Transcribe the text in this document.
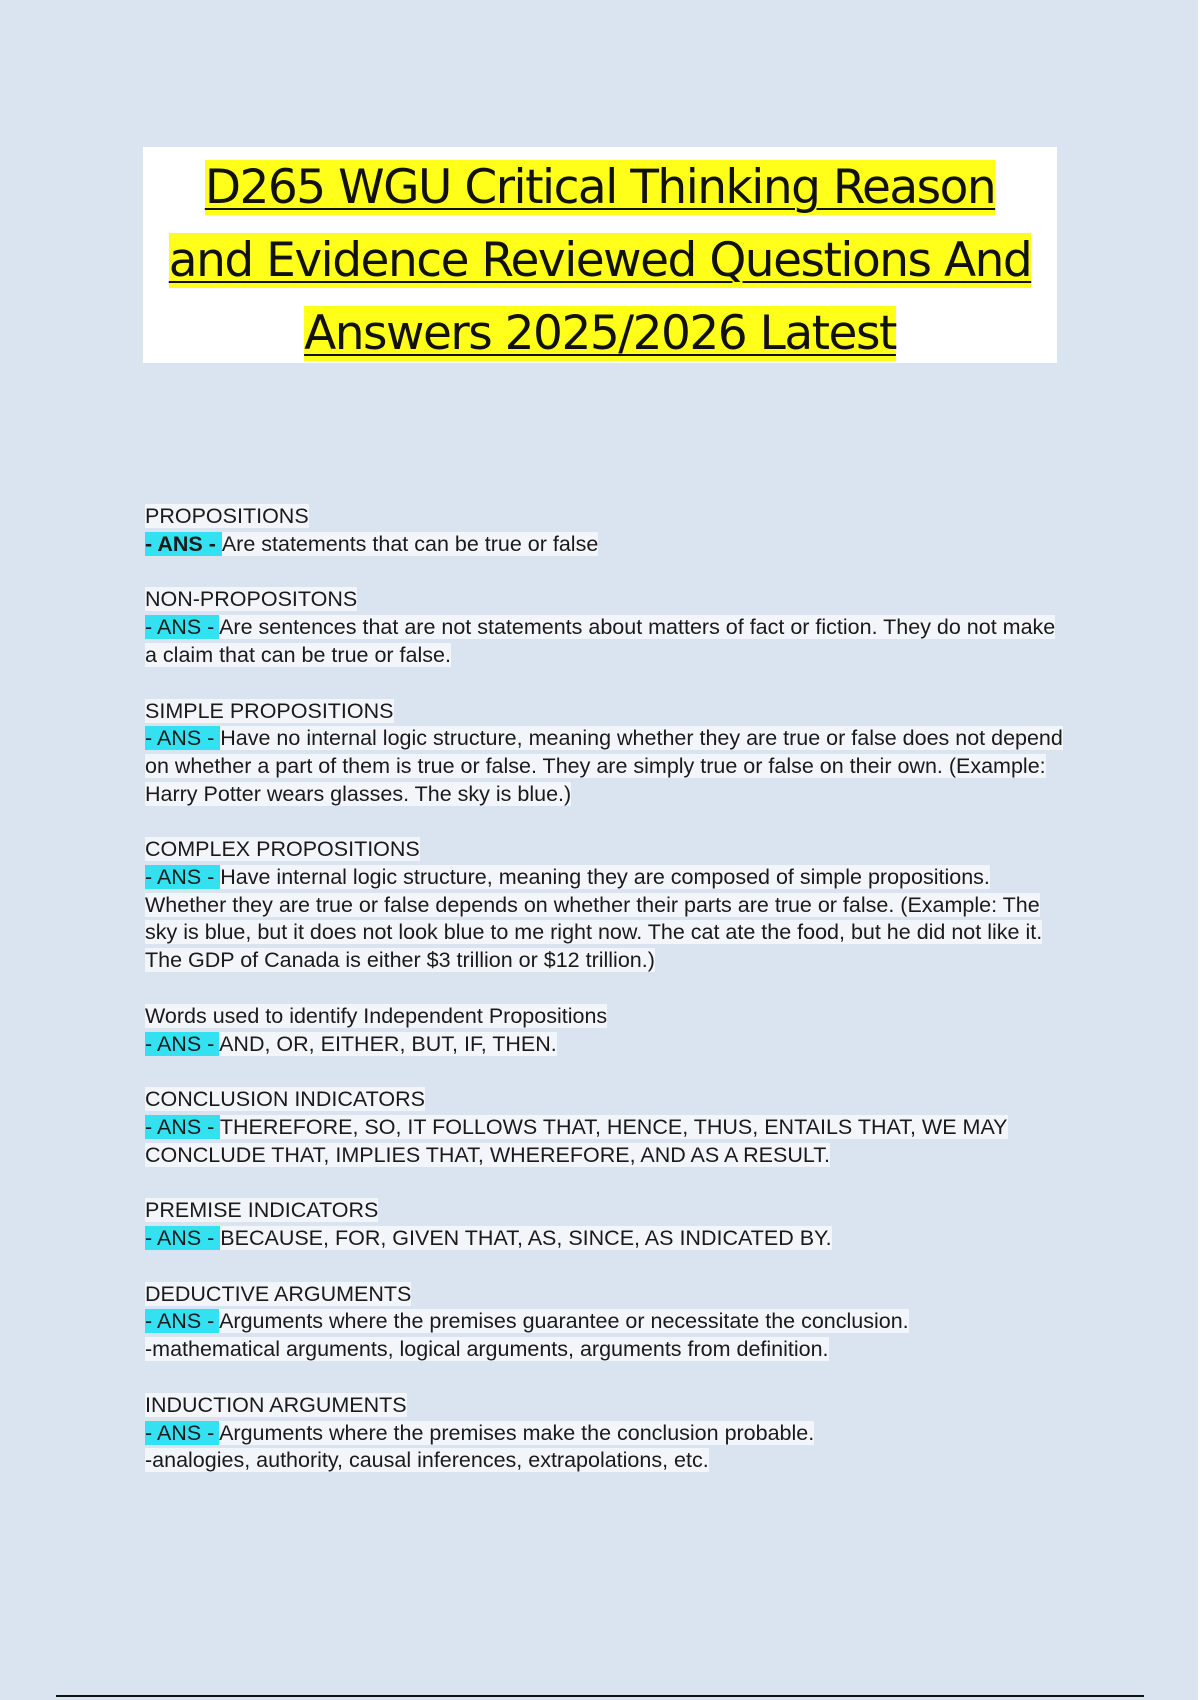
D265 WGU Critical Thinking Reason
and Evidence Reviewed Questions And
Answers 2025/2026 Latest
PROPOSITIONS
- ANS - Are statements that can be true or false
NON-PROPOSITONS
- ANS - Are sentences that are not statements about matters of fact or fiction. They do not make a claim that can be true or false.
SIMPLE PROPOSITIONS
- ANS - Have no internal logic structure, meaning whether they are true or false does not depend on whether a part of them is true or false. They are simply true or false on their own. (Example: Harry Potter wears glasses. The sky is blue.)
COMPLEX PROPOSITIONS
- ANS - Have internal logic structure, meaning they are composed of simple propositions. Whether they are true or false depends on whether their parts are true or false. (Example: The sky is blue, but it does not look blue to me right now. The cat ate the food, but he did not like it. The GDP of Canada is either $3 trillion or $12 trillion.)
Words used to identify Independent Propositions
- ANS - AND, OR, EITHER, BUT, IF, THEN.
CONCLUSION INDICATORS
- ANS - THEREFORE, SO, IT FOLLOWS THAT, HENCE, THUS, ENTAILS THAT, WE MAY CONCLUDE THAT, IMPLIES THAT, WHEREFORE, AND AS A RESULT.
PREMISE INDICATORS
- ANS - BECAUSE, FOR, GIVEN THAT, AS, SINCE, AS INDICATED BY.
DEDUCTIVE ARGUMENTS
- ANS - Arguments where the premises guarantee or necessitate the conclusion.
-mathematical arguments, logical arguments, arguments from definition.
INDUCTION ARGUMENTS
- ANS - Arguments where the premises make the conclusion probable.
-analogies, authority, causal inferences, extrapolations, etc.
